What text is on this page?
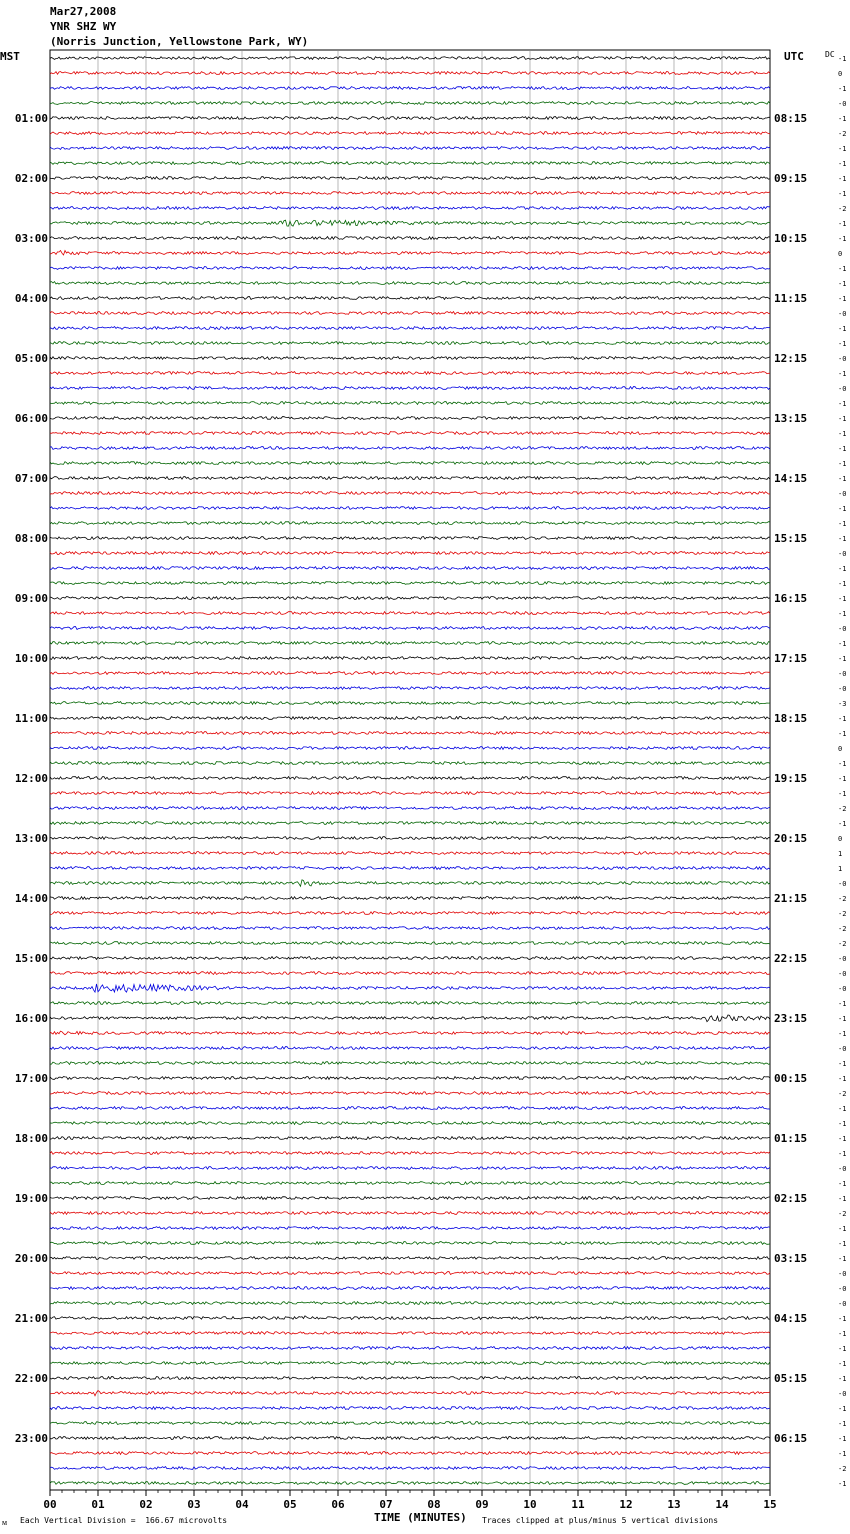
Mar27,2008
YNR SHZ WY
(Norris Junction, Yellowstone Park, WY)
MST	UTC	DC -1
0
-1
-0
-1
-2
-1
-1
-1
-1
-2
-1
-1
0
-1
-1
-1
-0
-1
-1
-0
-1
-0
-1
-1
-1
-1
-1
-1
-0
-1
-1
-1
-0
-1
-1
-1
-1
-0
-1
-1
-0
-0
-3
-1
-1
0
-1
-1
-1
-2
-1
0
1
1
-0
-2
-2
-2
-2
-0
-0
-0
-1
-1
-1
-0
-1
-1
-2
-1
-1
-1
-1
-0
-1
-1
-2
-1
-1
-1
-0
-0
-0
-1
-1
-1
-1
-1
-0
-1
-1
-1
-1
-2
-1
01:00	08:15
02:00	09:15
03:00	10:15
04:00	11:15
05:00	12:15
06:00	13:15
07:00	14:15
08:00	15:15
09:00	16:15
10:00	17:15
11:00	18:15
12:00	19:15
13:00	20:15
14:00	21:15
15:00	22:15
16:00	23:15
17:00	00:15
18:00	01:15
19:00	02:15
20:00	03:15
21:00	04:15
22:00	05:15
23:00	06:15
00	01	02	03	04	05	06	07	08	09	10	11	12	13	14	15
ᴍ Each Vertical Division =  166.67 microvolts	TIME (MINUTES) Traces clipped at plus/minus 5 vertical divisions
